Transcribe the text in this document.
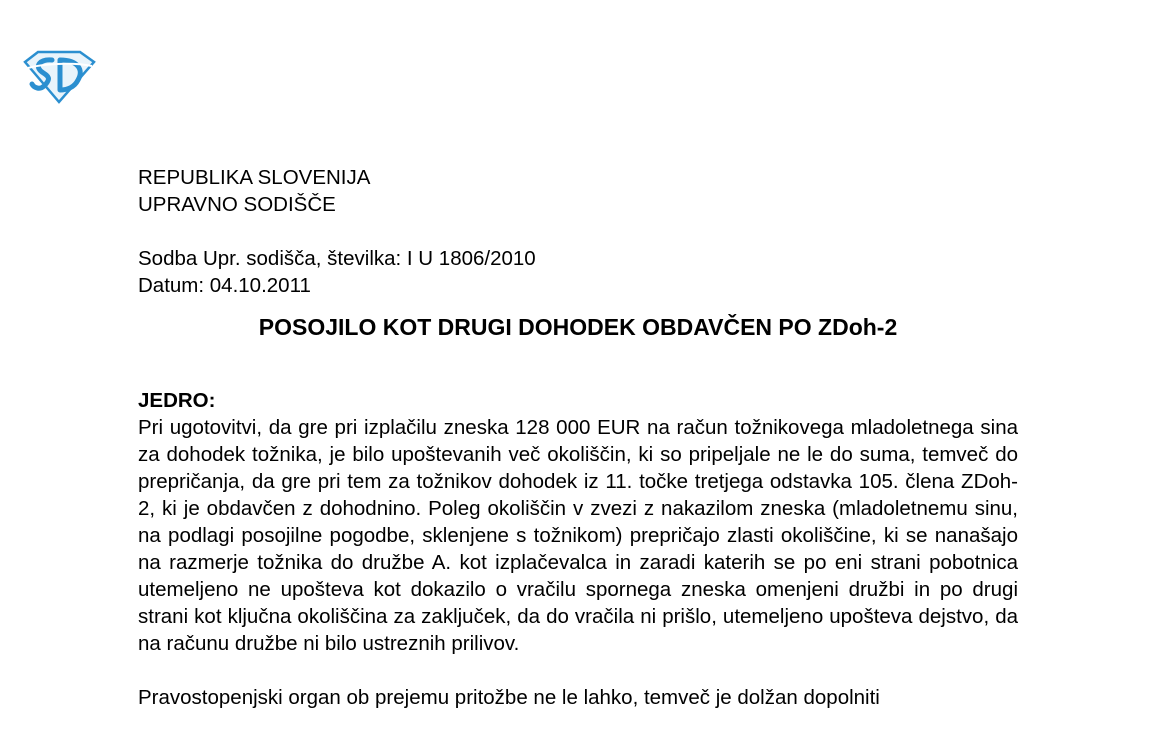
REPUBLIKA SLOVENIJA
UPRAVNO SODIŠČE
Sodba Upr. sodišča, številka: I U 1806/2010
Datum: 04.10.2011
POSOJILO KOT DRUGI DOHODEK OBDAVČEN PO ZDoh-2
JEDRO:

Pri ugotovitvi, da gre pri izplačilu zneska 128 000 EUR na račun tožnikovega mladoletnega sina za dohodek tožnika, je bilo upoštevanih več okoliščin, ki so pripeljale ne le do suma, temveč do prepričanja, da gre pri tem za tožnikov dohodek iz 11. točke tretjega odstavka 105. člena ZDoh-2, ki je obdavčen z dohodnino. Poleg okoliščin v zvezi z nakazilom zneska (mladoletnemu sinu, na podlagi posojilne pogodbe, sklenjene s tožnikom) prepričajo zlasti okoliščine, ki se nanašajo na razmerje tožnika do družbe A. kot izplačevalca in zaradi katerih se po eni strani pobotnica utemeljeno ne upošteva kot dokazilo o vračilu spornega zneska omenjeni družbi in po drugi strani kot ključna okoliščina za zaključek, da do vračila ni prišlo, utemeljeno upošteva dejstvo, da na računu družbe ni bilo ustreznih prilivov.

Pravostopenjski organ ob prejemu pritožbe ne le lahko, temveč je dolžan dopolniti
